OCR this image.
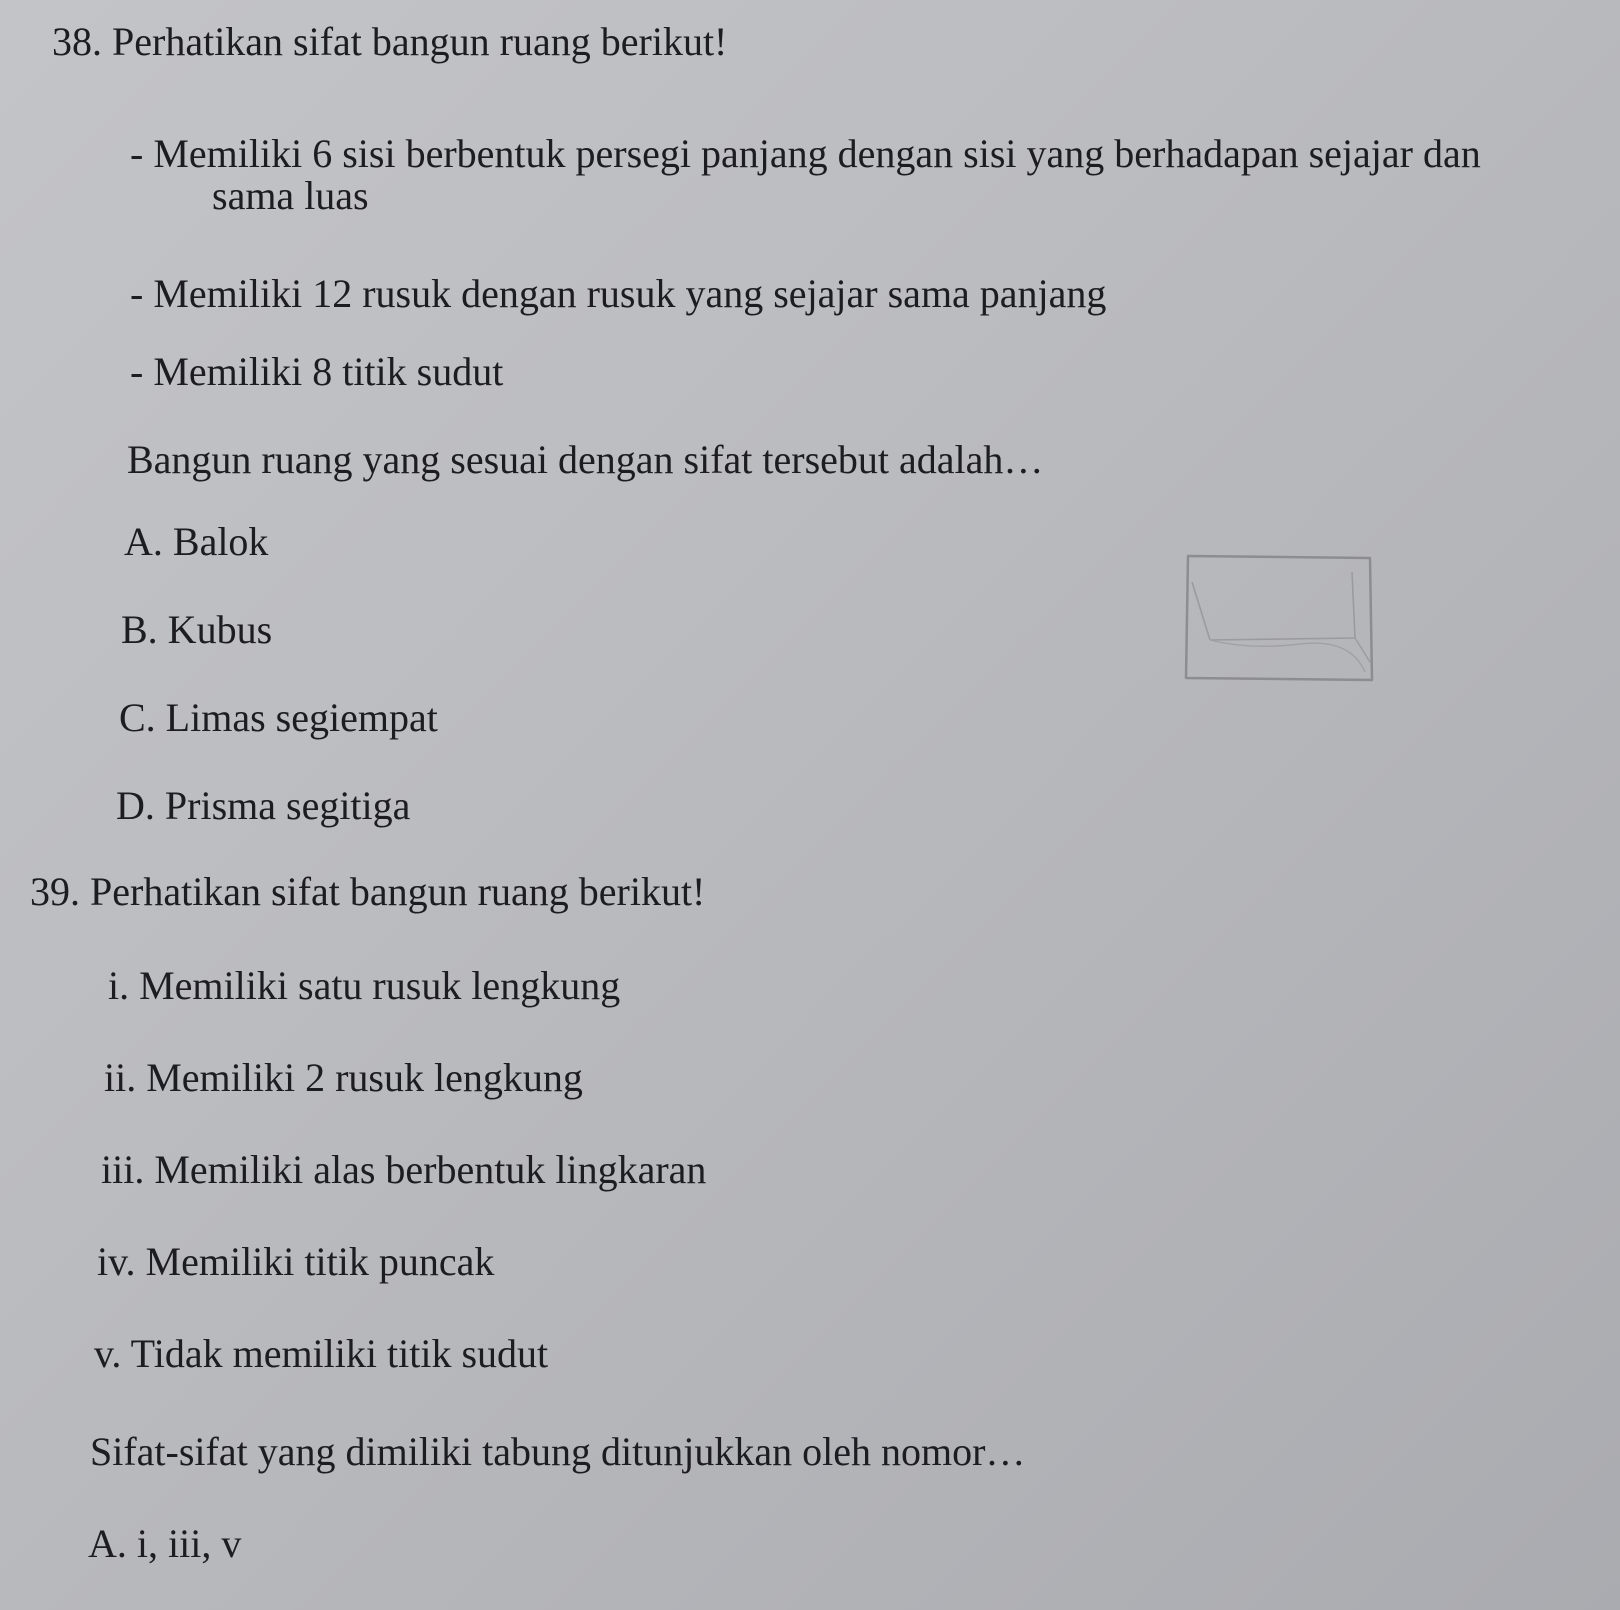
38. Perhatikan sifat bangun ruang berikut!
- Memiliki 6 sisi berbentuk persegi panjang dengan sisi yang berhadapan sejajar dan
sama luas
- Memiliki 12 rusuk dengan rusuk yang sejajar sama panjang
- Memiliki 8 titik sudut
Bangun ruang yang sesuai dengan sifat tersebut adalah…
A. Balok
B. Kubus
C. Limas segiempat
D. Prisma segitiga
39. Perhatikan sifat bangun ruang berikut!
i. Memiliki satu rusuk lengkung
ii. Memiliki 2 rusuk lengkung
iii. Memiliki alas berbentuk lingkaran
iv. Memiliki titik puncak
v. Tidak memiliki titik sudut
Sifat-sifat yang dimiliki tabung ditunjukkan oleh nomor…
A. i, iii, v
